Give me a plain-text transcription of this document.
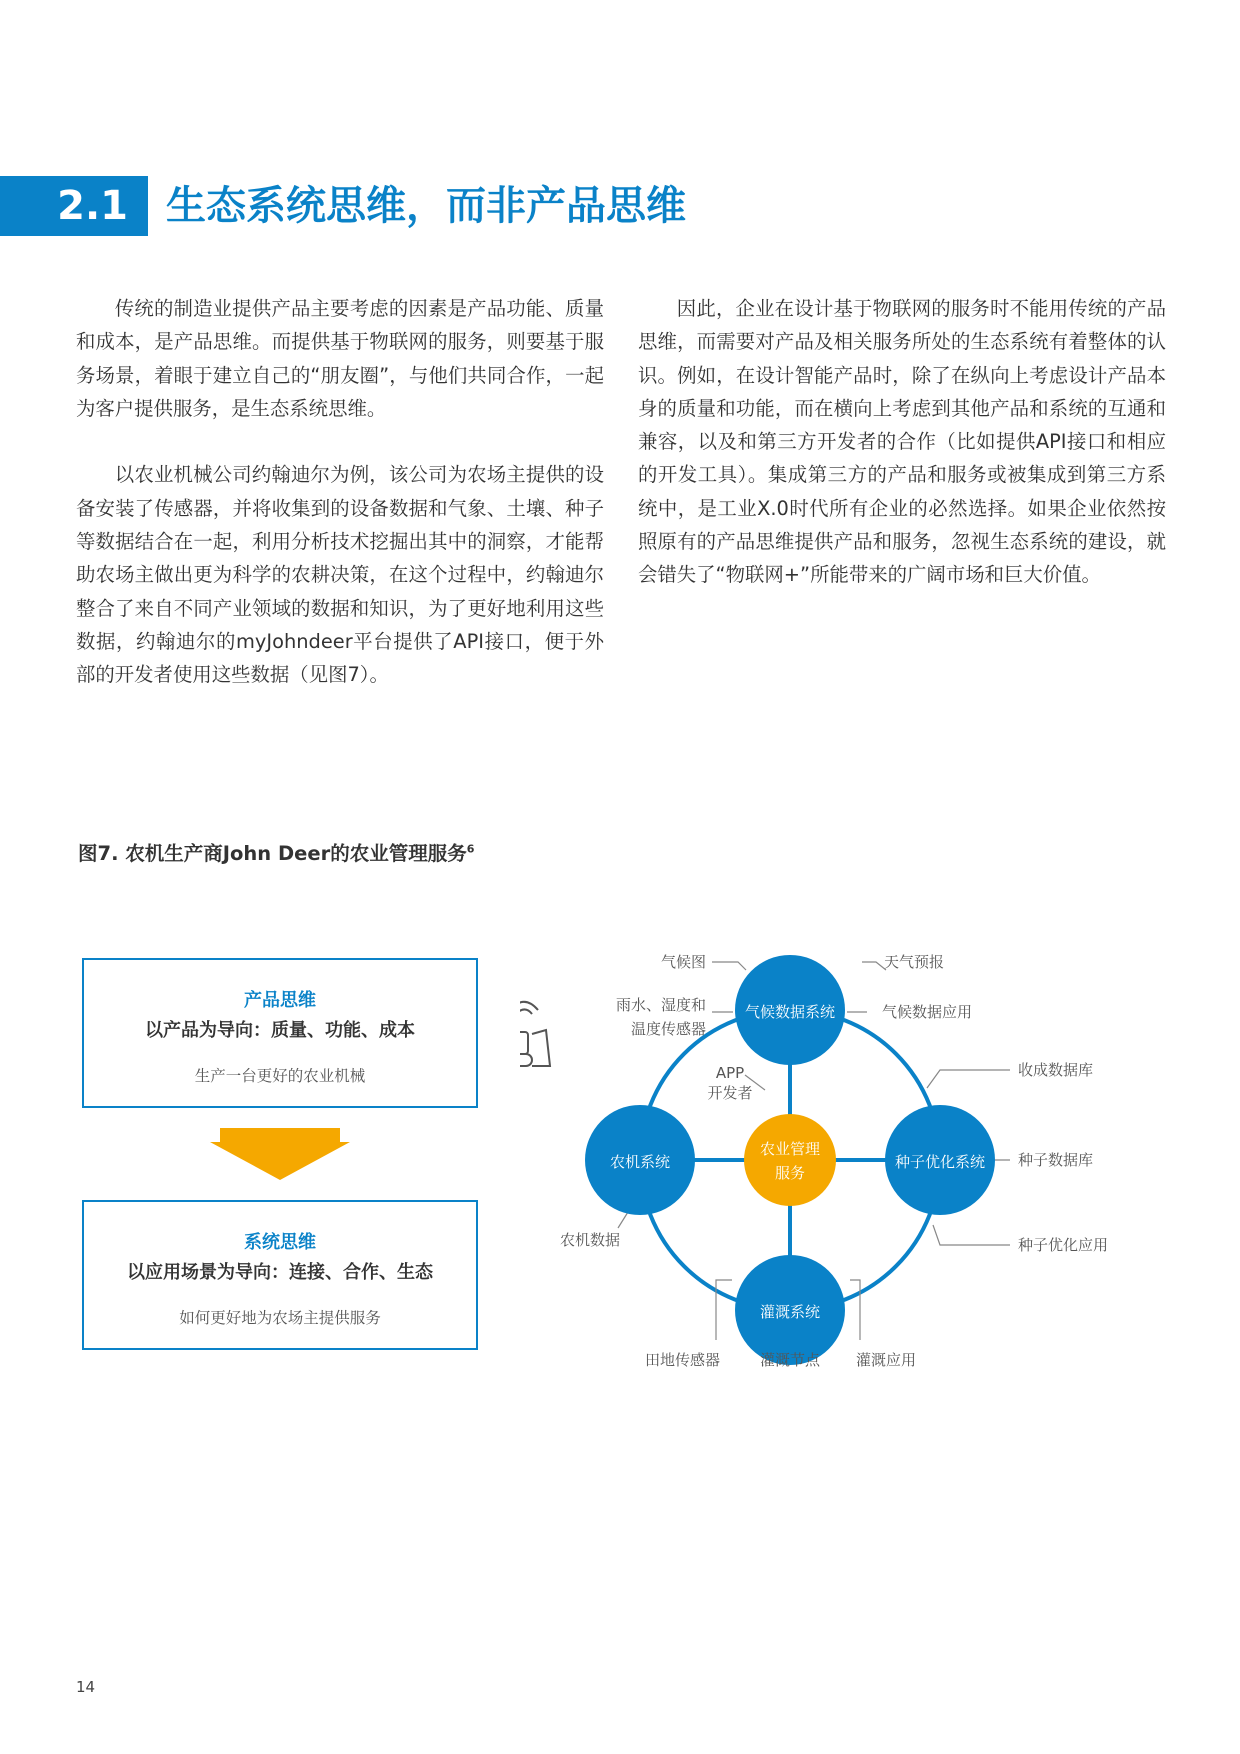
2.1 生态系统思维，而非产品思维

传统的制造业提供产品主要考虑的因素是产品功能、质量和成本，是产品思维。而提供基于物联网的服务，则要基于服务场景，着眼于建立自己的“朋友圈”，与他们共同合作，一起为客户提供服务，是生态系统思维。

以农业机械公司约翰迪尔为例，该公司为农场主提供的设备安装了传感器，并将收集到的设备数据和气象、土壤、种子等数据结合在一起，利用分析技术挖掘出其中的洞察，才能帮助农场主做出更为科学的农耕决策，在这个过程中，约翰迪尔整合了来自不同产业领域的数据和知识，为了更好地利用这些数据，约翰迪尔的myJohndeer平台提供了API接口，便于外部的开发者使用这些数据（见图7）。

因此，企业在设计基于物联网的服务时不能用传统的产品思维，而需要对产品及相关服务所处的生态系统有着整体的认识。例如，在设计智能产品时，除了在纵向上考虑设计产品本身的质量和功能，而在横向上考虑到其他产品和系统的互通和兼容，以及和第三方开发者的合作（比如提供API接口和相应的开发工具）。集成第三方的产品和服务或被集成到第三方系统中，是工业X.0时代所有企业的必然选择。如果企业依然按照原有的产品思维提供产品和服务，忽视生态系统的建设，就会错失了“物联网+”所能带来的广阔市场和巨大价值。

图7. 农机生产商John Deer的农业管理服务$^6$
产品思维
以产品为导向：质量、功能、成本
生产一台更好的农业机械
系统思维
以应用场景为导向：连接、合作、生态
如何更好地为农场主提供服务
气候数据系统
农机系统	种子优化系统
灌溉系统
农业管理
服务
气候图	天气预报
雨水、湿度和
温度传感器
气候数据应用
APP
开发者
收成数据库
种子数据库
种子优化应用
农机数据
田地传感器	灌溉节点 灌溉应用
14
